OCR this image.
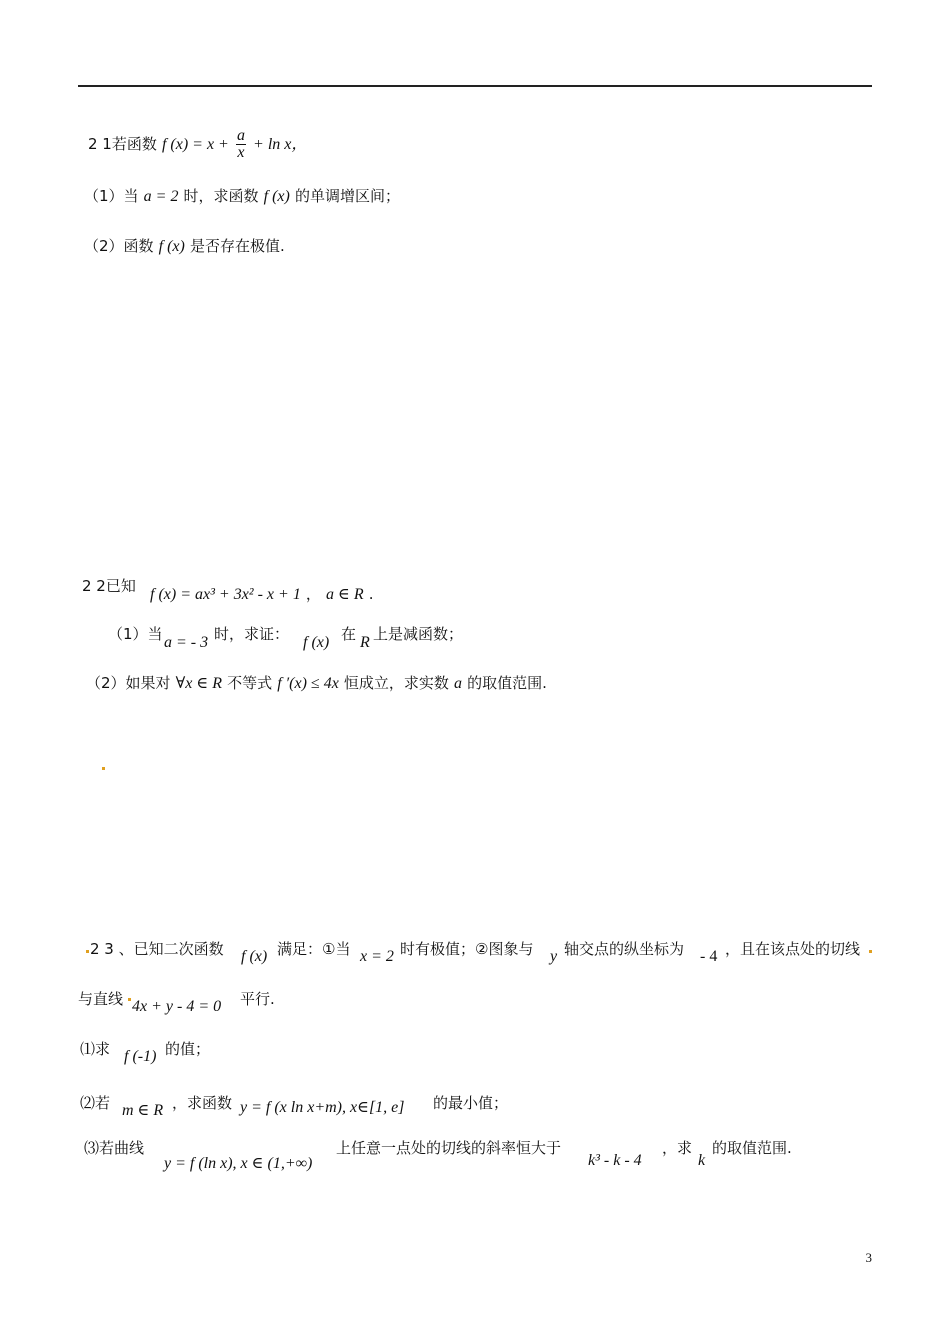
2 1若函数 f $(x) = x + \frac{a}{x} + \ln x$，
（1）当 a = 2 时，求函数 f (x) 的单调增区间；
（2）函数 f (x) 是否存在极值.
2 2已知 f (x) = ax³ + 3x² - x + 1 ， a ∈ R .
（1）当 a = - 3 时，求证： f (x) 在 R 上是减函数；
（2）如果对 ∀x ∈ R 不等式 f ′(x) ≤ 4x 恒成立，求实数 a 的取值范围.
2 3 、已知二次函数 f (x) 满足：①当 x = 2 时有极值；②图象与 y 轴交点的纵坐标为 - 4 ，且在该点处的切线
与直线 4x + y - 4 = 0 平行.
⑴求 f (-1) 的值；
⑵若 m ∈ R ，求函数 y = f (x ln x+m), x∈[1, e] 的最小值；
⑶若曲线
y = f (ln x), x ∈ (1,+∞)
上任意一点处的切线的斜率恒大于
k³ - k - 4
，求
k
的取值范围.
3
